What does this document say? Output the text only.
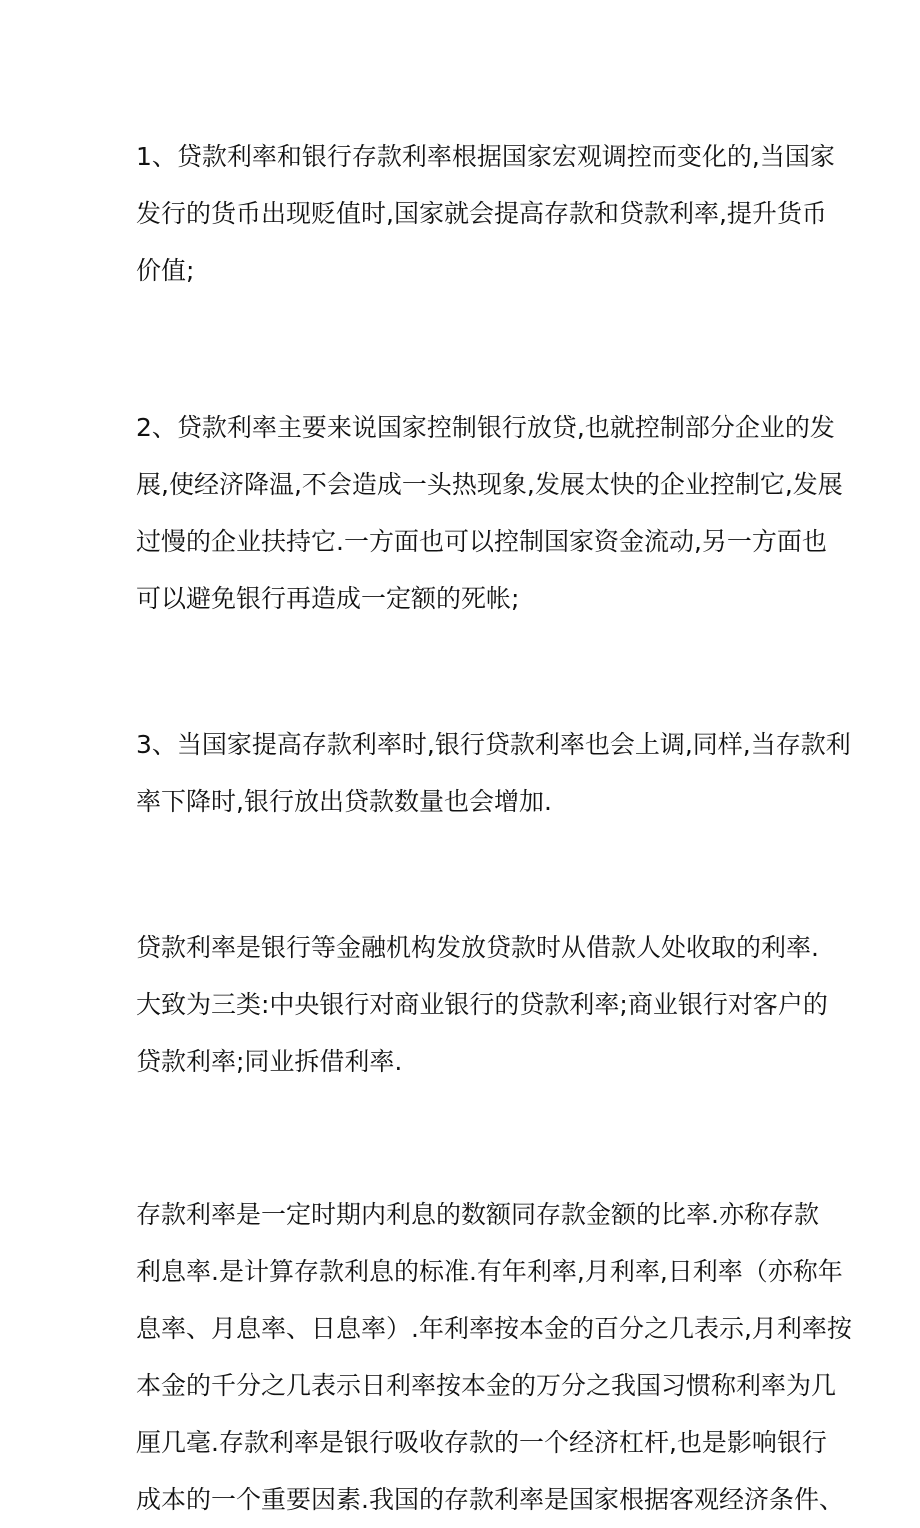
1、贷款利率和银行存款利率根据国家宏观调控而变化的,当国家
发行的货币出现贬值时,国家就会提高存款和贷款利率,提升货币
价值;
2、贷款利率主要来说国家控制银行放贷,也就控制部分企业的发
展,使经济降温,不会造成一头热现象,发展太快的企业控制它,发展
过慢的企业扶持它.一方面也可以控制国家资金流动,另一方面也
可以避免银行再造成一定额的死帐;
3、当国家提高存款利率时,银行贷款利率也会上调,同样,当存款利
率下降时,银行放出贷款数量也会增加.
贷款利率是银行等金融机构发放贷款时从借款人处收取的利率.
大致为三类:中央银行对商业银行的贷款利率;商业银行对客户的
贷款利率;同业拆借利率.
存款利率是一定时期内利息的数额同存款金额的比率.亦称存款
利息率.是计算存款利息的标准.有年利率,月利率,日利率（亦称年
息率、月息率、日息率）.年利率按本金的百分之几表示,月利率按
本金的千分之几表示日利率按本金的万分之我国习惯称利率为几
厘几毫.存款利率是银行吸收存款的一个经济杠杆,也是影响银行
成本的一个重要因素.我国的存款利率是国家根据客观经济条件、
